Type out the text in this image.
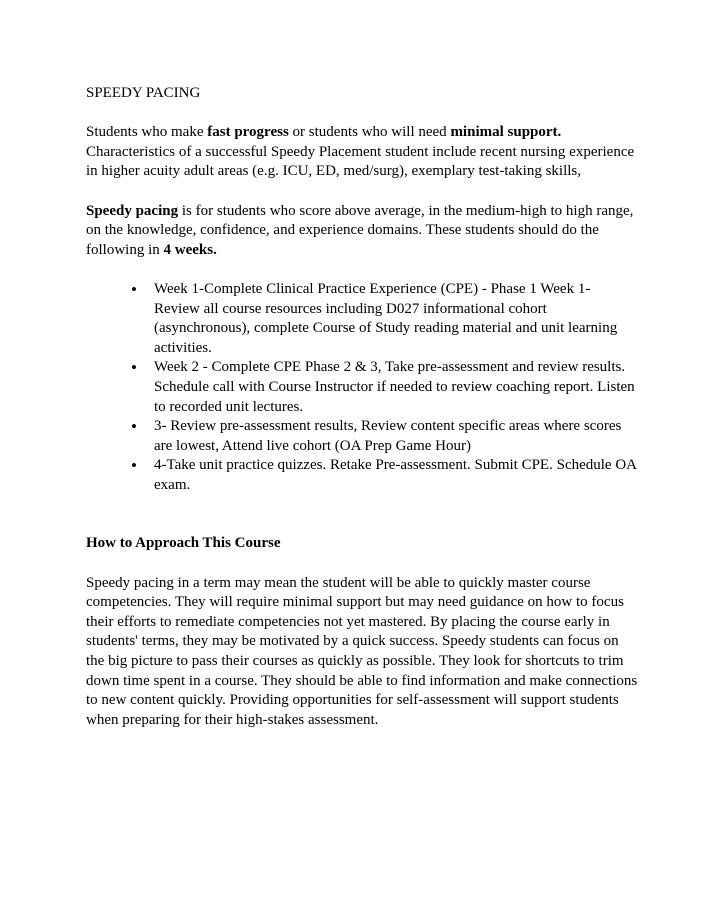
SPEEDY PACING

Students who make fast progress or students who will need minimal support. Characteristics of a successful Speedy Placement student include recent nursing experience in higher acuity adult areas (e.g. ICU, ED, med/surg), exemplary test-taking skills,

Speedy pacing is for students who score above average, in the medium-high to high range, on the knowledge, confidence, and experience domains. These students should do the following in 4 weeks.

• Week 1-Complete Clinical Practice Experience (CPE) - Phase 1 Week 1- Review all course resources including D027 informational cohort (asynchronous), complete Course of Study reading material and unit learning activities.
• Week 2 - Complete CPE Phase 2 & 3, Take pre-assessment and review results. Schedule call with Course Instructor if needed to review coaching report. Listen to recorded unit lectures.
• 3- Review pre-assessment results, Review content specific areas where scores are lowest, Attend live cohort (OA Prep Game Hour)
• 4-Take unit practice quizzes. Retake Pre-assessment. Submit CPE. Schedule OA exam.

How to Approach This Course

Speedy pacing in a term may mean the student will be able to quickly master course competencies. They will require minimal support but may need guidance on how to focus their efforts to remediate competencies not yet mastered. By placing the course early in students' terms, they may be motivated by a quick success. Speedy students can focus on the big picture to pass their courses as quickly as possible. They look for shortcuts to trim down time spent in a course. They should be able to find information and make connections to new content quickly. Providing opportunities for self-assessment will support students when preparing for their high-stakes assessment.
